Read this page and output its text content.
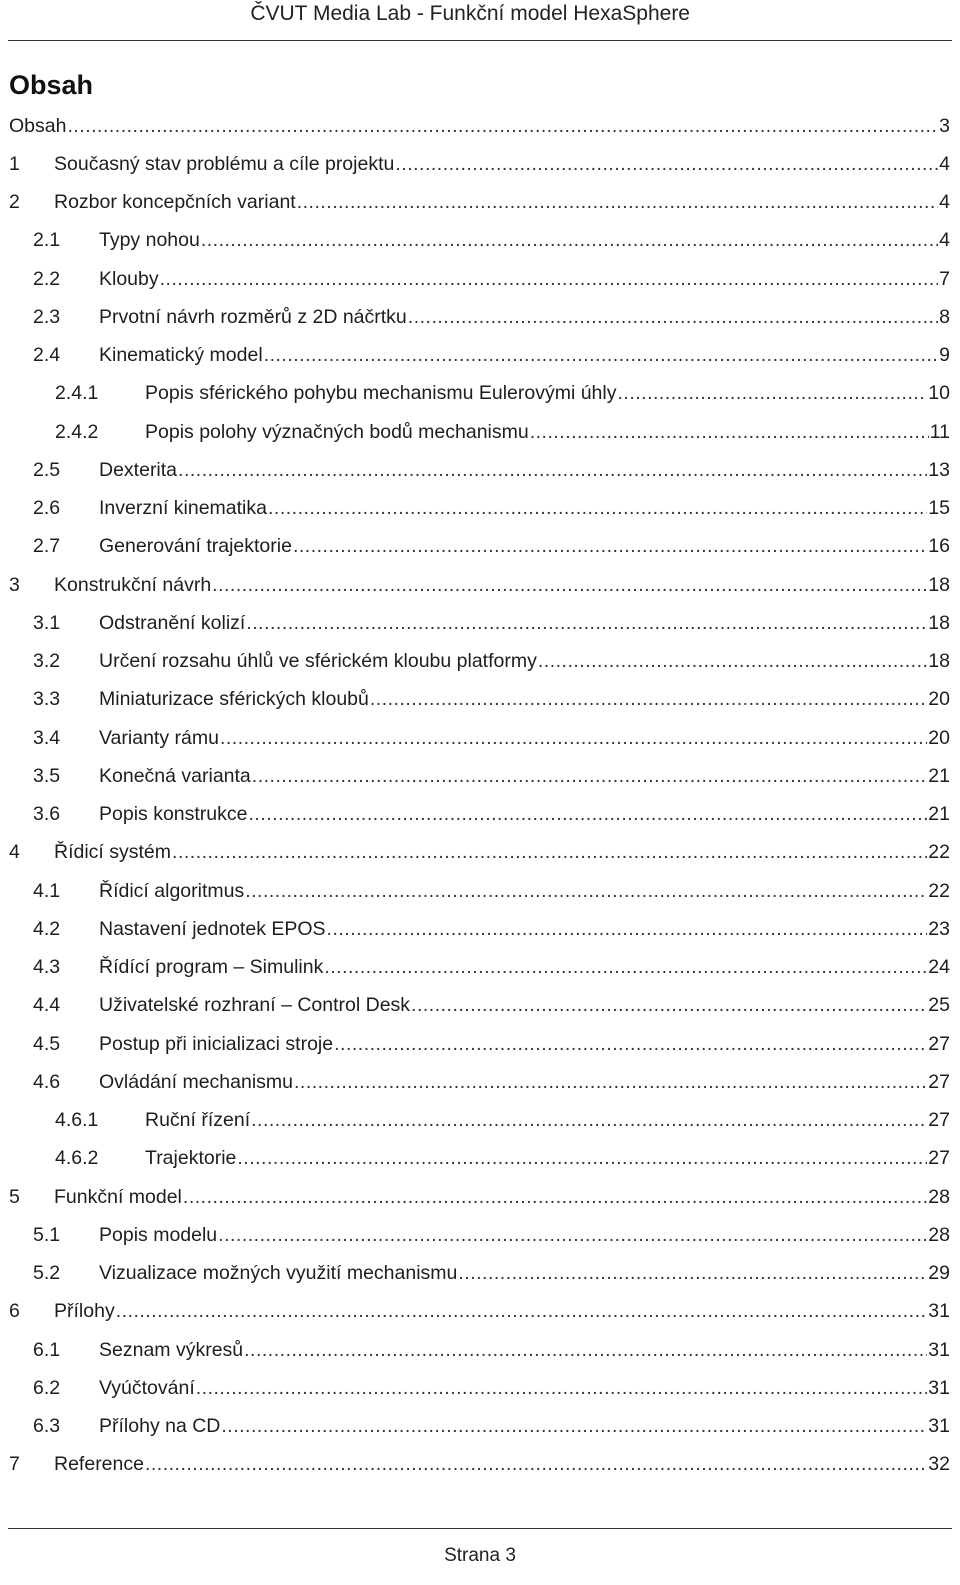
ČVUT Media Lab - Funkční model HexaSphere
Obsah
Obsah .....	3
1	Současný stav problému a cíle projektu .....	4
2	Rozbor koncepčních variant .....	4
2.1	Typy nohou .....	4
2.2	Klouby .....	7
2.3	Prvotní návrh rozměrů z 2D náčrtku .....	8
2.4	Kinematický model .....	9
2.4.1	Popis sférického pohybu mechanismu Eulerovými úhly .....	10
2.4.2	Popis polohy význačných bodů mechanismu .....	11
2.5	Dexterita .....	13
2.6	Inverzní kinematika .....	15
2.7	Generování trajektorie .....	16
3	Konstrukční návrh .....	18
3.1	Odstranění kolizí .....	18
3.2	Určení rozsahu úhlů ve sférickém kloubu platformy .....	18
3.3	Miniaturizace sférických kloubů .....	20
3.4	Varianty rámu .....	20
3.5	Konečná varianta .....	21
3.6	Popis konstrukce .....	21
4	Řídicí systém .....	22
4.1	Řídicí algoritmus .....	22
4.2	Nastavení jednotek EPOS .....	23
4.3	Řídící program – Simulink .....	24
4.4	Uživatelské rozhraní – Control Desk .....	25
4.5	Postup při inicializaci stroje .....	27
4.6	Ovládání mechanismu .....	27
4.6.1	Ruční řízení .....	27
4.6.2	Trajektorie .....	27
5	Funkční model .....	28
5.1	Popis modelu .....	28
5.2	Vizualizace možných využití mechanismu .....	29
6	Přílohy .....	31
6.1	Seznam výkresů .....	31
6.2	Vyúčtování .....	31
6.3	Přílohy na CD .....	31
7	Reference .....	32
Strana 3
